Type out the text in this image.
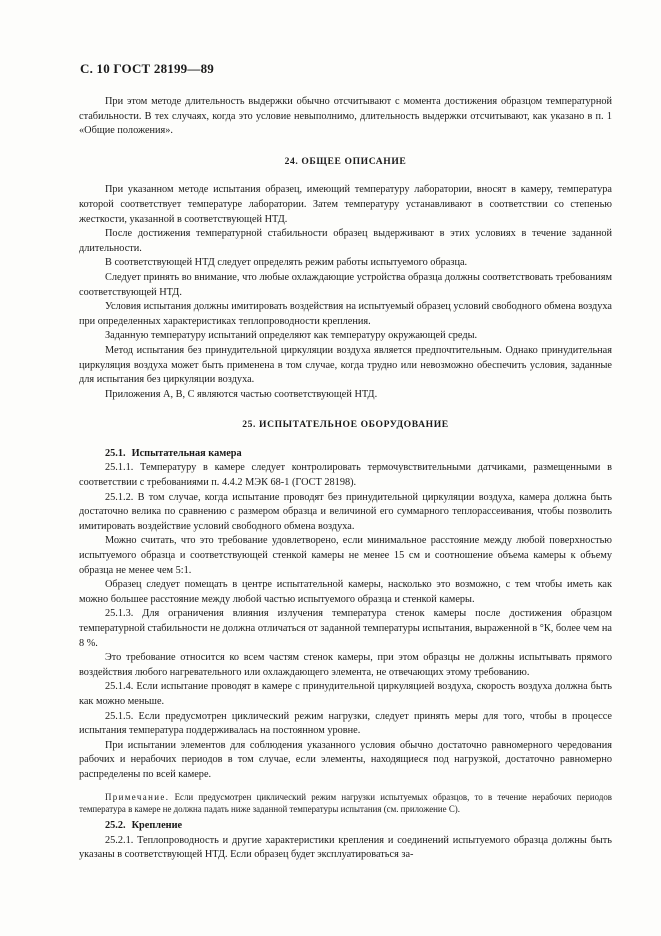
С. 10 ГОСТ 28199—89

При этом методе длительность выдержки обычно отсчитывают с момента достижения образцом температурной стабильности. В тех случаях, когда это условие невыполнимо, длительность выдержки отсчитывают, как указано в п. 1 «Общие положения».

24. ОБЩЕЕ ОПИСАНИЕ

При указанном методе испытания образец, имеющий температуру лаборатории, вносят в камеру, температура которой соответствует температуре лаборатории. Затем температуру устанавливают в соответствии со степенью жесткости, указанной в соответствующей НТД.

После достижения температурной стабильности образец выдерживают в этих условиях в течение заданной длительности.

В соответствующей НТД следует определять режим работы испытуемого образца.

Следует принять во внимание, что любые охлаждающие устройства образца должны соответствовать требованиям соответствующей НТД.

Условия испытания должны имитировать воздействия на испытуемый образец условий свободного обмена воздуха при определенных характеристиках теплопроводности крепления.

Заданную температуру испытаний определяют как температуру окружающей среды.

Метод испытания без принудительной циркуляции воздуха является предпочтительным. Однако принудительная циркуляция воздуха может быть применена в том случае, когда трудно или невозможно обеспечить условия, заданные для испытания без циркуляции воздуха.

Приложения А, В, С являются частью соответствующей НТД.

25. ИСПЫТАТЕЛЬНОЕ ОБОРУДОВАНИЕ

25.1. Испытательная камера

25.1.1. Температуру в камере следует контролировать термочувствительными датчиками, размещенными в соответствии с требованиями п. 4.4.2 МЭК 68-1 (ГОСТ 28198).

25.1.2. В том случае, когда испытание проводят без принудительной циркуляции воздуха, камера должна быть достаточно велика по сравнению с размером образца и величиной его суммарного теплорассеивания, чтобы позволить имитировать воздействие условий свободного обмена воздуха.

Можно считать, что это требование удовлетворено, если минимальное расстояние между любой поверхностью испытуемого образца и соответствующей стенкой камеры не менее 15 см и соотношение объема камеры к объему образца не менее чем 5:1.

Образец следует помещать в центре испытательной камеры, насколько это возможно, с тем чтобы иметь как можно большее расстояние между любой частью испытуемого образца и стенкой камеры.

25.1.3. Для ограничения влияния излучения температура стенок камеры после достижения образцом температурной стабильности не должна отличаться от заданной температуры испытания, выраженной в °К, более чем на 8 %.

Это требование относится ко всем частям стенок камеры, при этом образцы не должны испытывать прямого воздействия любого нагревательного или охлаждающего элемента, не отвечающих этому требованию.

25.1.4. Если испытание проводят в камере с принудительной циркуляцией воздуха, скорость воздуха должна быть как можно меньше.

25.1.5. Если предусмотрен циклический режим нагрузки, следует принять меры для того, чтобы в процессе испытания температура поддерживалась на постоянном уровне.

При испытании элементов для соблюдения указанного условия обычно достаточно равномерного чередования рабочих и нерабочих периодов в том случае, если элементы, находящиеся под нагрузкой, достаточно равномерно распределены по всей камере.

Примечание. Если предусмотрен циклический режим нагрузки испытуемых образцов, то в течение нерабочих периодов температура в камере не должна падать ниже заданной температуры испытания (см. приложение С).

25.2. Крепление

25.2.1. Теплопроводность и другие характеристики крепления и соединений испытуемого образца должны быть указаны в соответствующей НТД. Если образец будет эксплуатироваться за-
